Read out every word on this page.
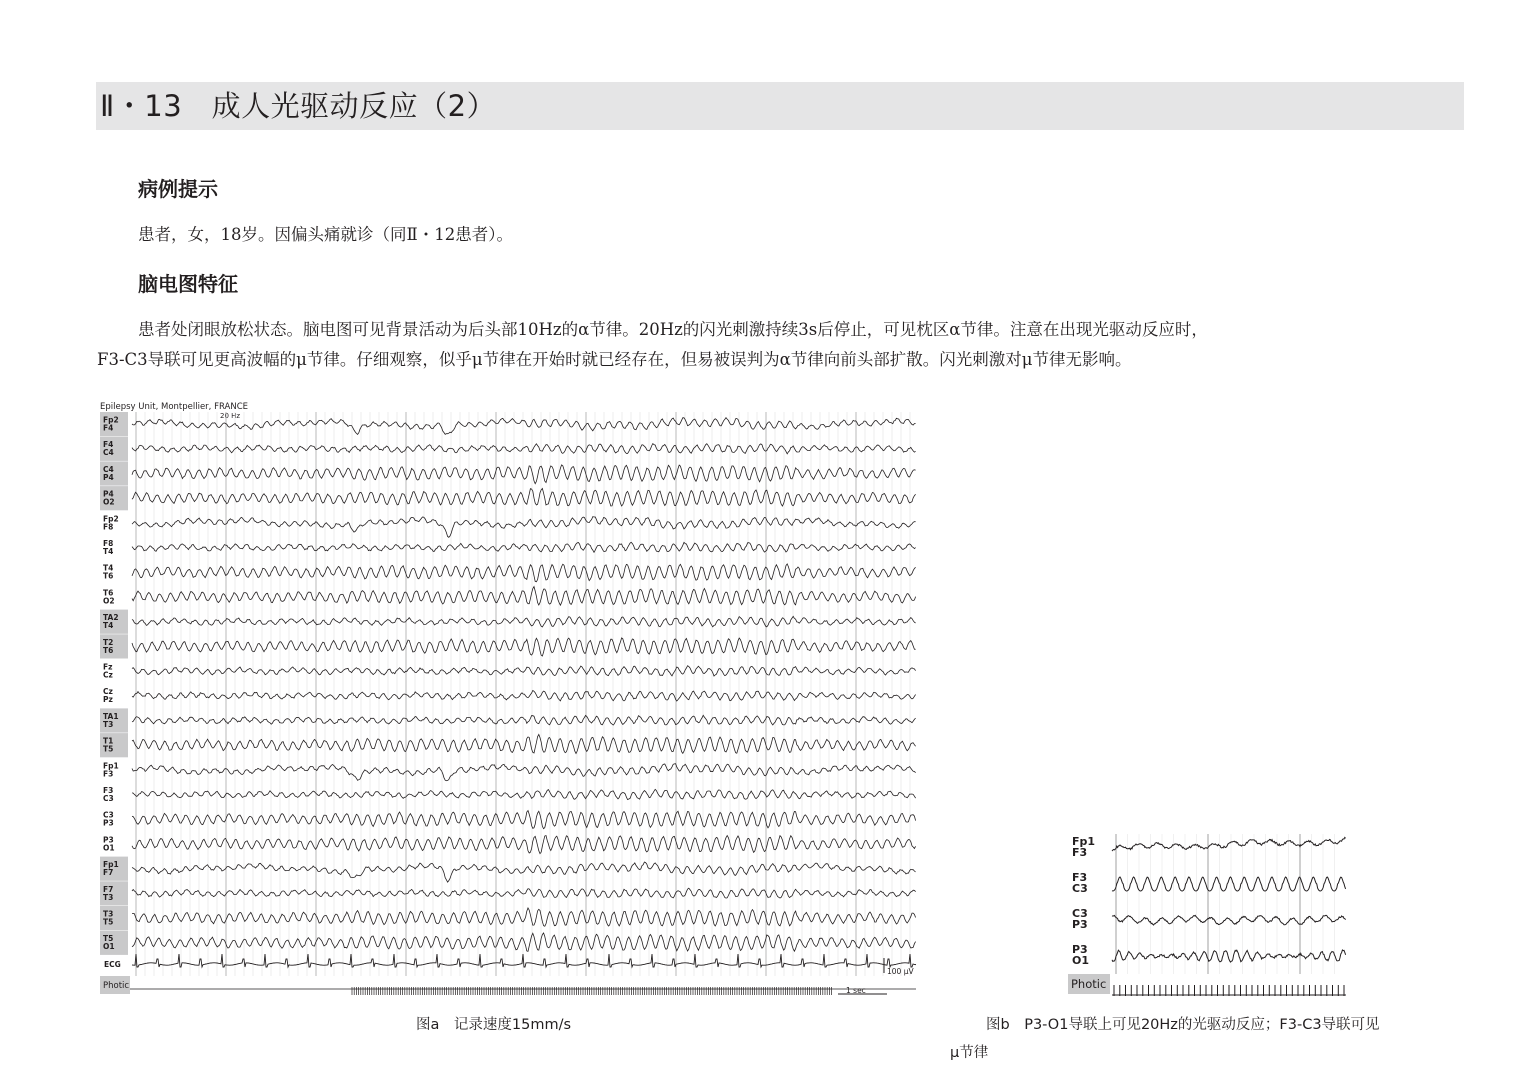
Ⅱ・13　成人光驱动反应（2）
病例提示
患者，女，18岁。因偏头痛就诊（同Ⅱ・12患者）。
脑电图特征
患者处闭眼放松状态。脑电图可见背景活动为后头部10Hz的α节律。20Hz的闪光刺激持续3s后停止，可见枕区α节律。注意在出现光驱动反应时，
F3-C3导联可见更高波幅的μ节律。仔细观察，似乎μ节律在开始时就已经存在，但易被误判为α节律向前头部扩散。闪光刺激对μ节律无影响。
Epilepsy Unit, Montpellier, FRANCE
20 Hz
Fp2
F4
F4
C4
C4
P4
P4
O2
Fp2
F8
F8
T4
T4
T6
T6
O2
TA2
T4
T2
T6
Fz
Cz
Cz
Pz
TA1
T3
T1
T5
Fp1
F3
F3
C3
C3
P3
P3
O1
Fp1
F7
F7
T3
T3
T5
T5
O1
ECG
Photic
100 μV
1 sec
图a　记录速度15mm/s
Fp1
F3
F3
C3
C3
P3
P3
O1
Photic
图b　P3-O1导联上可见20Hz的光驱动反应；F3-C3导联可见
μ节律
